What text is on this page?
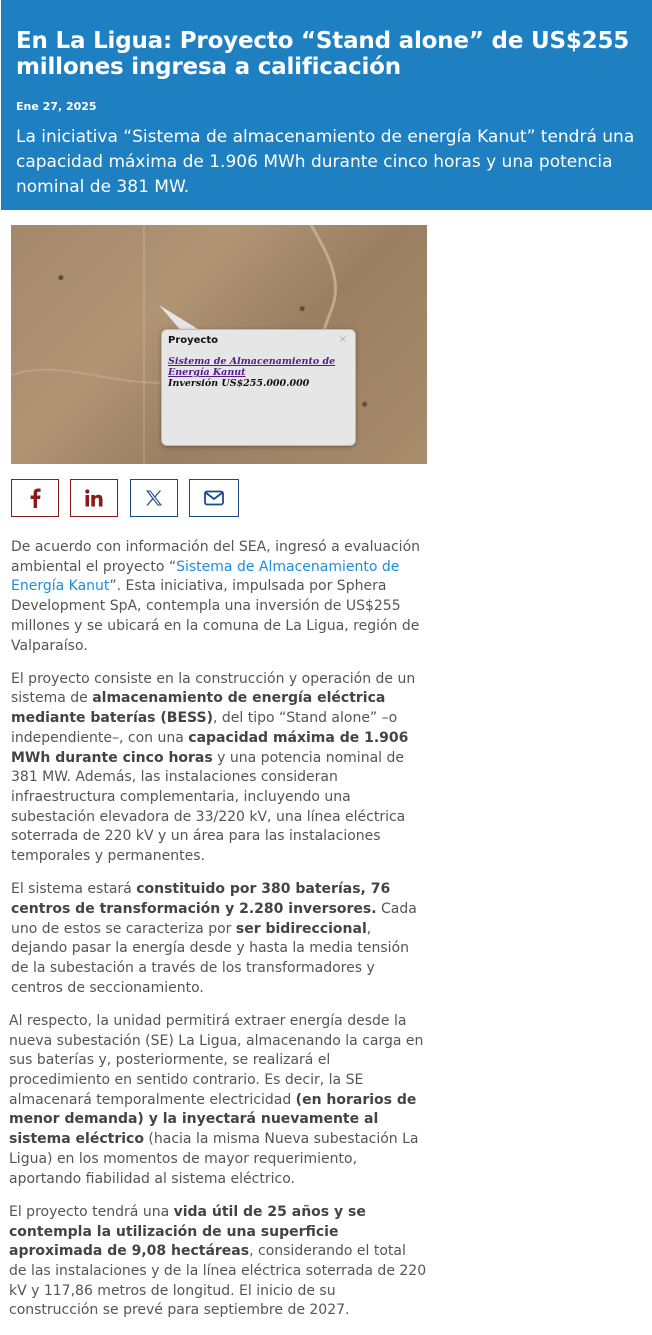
En La Ligua: Proyecto “Stand alone” de US$255 millones ingresa a calificación
Ene 27, 2025
La iniciativa “Sistema de almacenamiento de energía Kanut” tendrá una capacidad máxima de 1.906 MWh durante cinco horas y una potencia nominal de 381 MW.
Proyecto	×
Sistema de Almacenamiento de Energía Kanut
Inversión US$255.000.000

De acuerdo con información del SEA, ingresó a evaluación ambiental el proyecto “Sistema de Almacenamiento de Energía Kanut”. Esta iniciativa, impulsada por Sphera Development SpA, contempla una inversión de US$255 millones y se ubicará en la comuna de La Ligua, región de Valparaíso.

El proyecto consiste en la construcción y operación de un sistema de almacenamiento de energía eléctrica mediante baterías (BESS), del tipo “Stand alone” –o independiente–, con una capacidad máxima de 1.906 MWh durante cinco horas y una potencia nominal de 381 MW. Además, las instalaciones consideran infraestructura complementaria, incluyendo una subestación elevadora de 33/220 kV, una línea eléctrica soterrada de 220 kV y un área para las instalaciones temporales y permanentes.

El sistema estará constituido por 380 baterías, 76 centros de transformación y 2.280 inversores. Cada uno de estos se caracteriza por ser bidireccional, dejando pasar la energía desde y hasta la media tensión de la subestación a través de los transformadores y centros de seccionamiento.

Al respecto, la unidad permitirá extraer energía desde la nueva subestación (SE) La Ligua, almacenando la carga en sus baterías y, posteriormente, se realizará el procedimiento en sentido contrario. Es decir, la SE almacenará temporalmente electricidad (en horarios de menor demanda) y la inyectará nuevamente al sistema eléctrico (hacia la misma Nueva subestación La Ligua) en los momentos de mayor requerimiento, aportando fiabilidad al sistema eléctrico.

El proyecto tendrá una vida útil de 25 años y se contempla la utilización de una superficie aproximada de 9,08 hectáreas, considerando el total de las instalaciones y de la línea eléctrica soterrada de 220 kV y 117,86 metros de longitud. El inicio de su construcción se prevé para septiembre de 2027.
